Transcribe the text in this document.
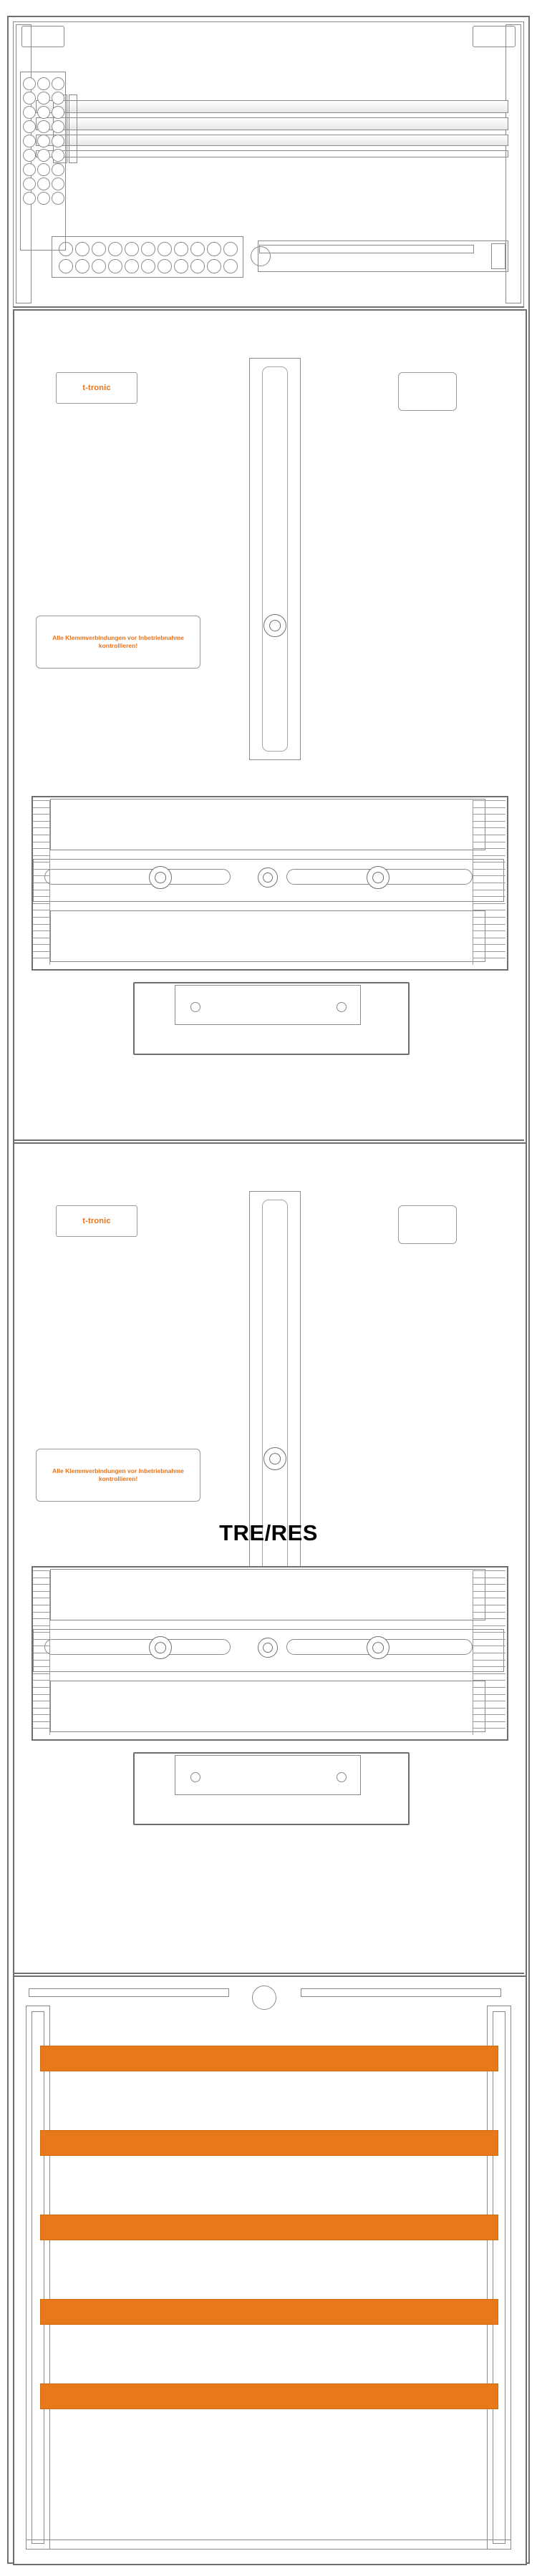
t-tronic
Alle Klemmverbindungen vor Inbetriebnahme kontrollieren!
t-tronic
Alle Klemmverbindungen vor Inbetriebnahme kontrollieren!
TRE/RES
